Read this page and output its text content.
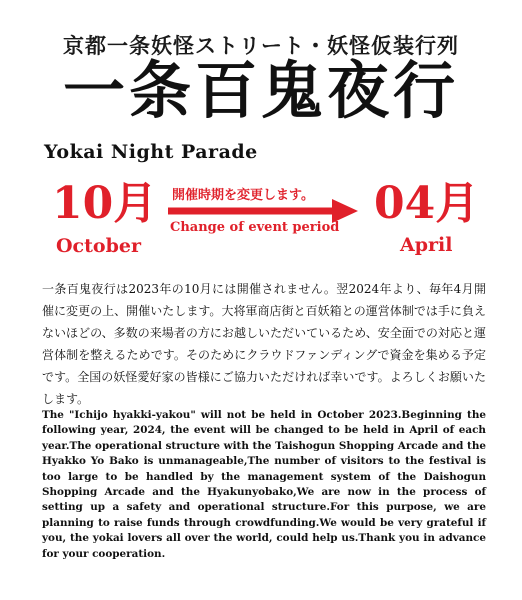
京都一条妖怪ストリート・妖怪仮装行列
一条百鬼夜行
Yokai Night Parade
10月
October
開催時期を変更します。
Change of event period 04月
April

一条百鬼夜行は2023年の10月には開催されません。翌2024年より、毎年4月開催に変更の上、開催いたします。大将軍商店街と百妖箱との運営体制では手に負えないほどの、多数の来場者の方にお越しいただいているため、安全面での対応と運営体制を整えるためです。そのためにクラウドファンディングで資金を集める予定です。全国の妖怪愛好家の皆様にご協力いただければ幸いです。よろしくお願いたします。

The "Ichijo hyakki-yakou" will not be held in October 2023.Beginning the following year, 2024, the event will be changed to be held in April of each year.The operational structure with the Taishogun Shopping Arcade and the Hyakko Yo Bako is unmanageable,The number of visitors to the festival is too large to be handled by the management system of the Daishogun Shopping Arcade and the Hyakunyobako,We are now in the process of setting up a safety and operational structure.For this purpose, we are planning to raise funds through crowdfunding.We would be very grateful if you, the yokai lovers all over the world, could help us.Thank you in advance for your cooperation.
